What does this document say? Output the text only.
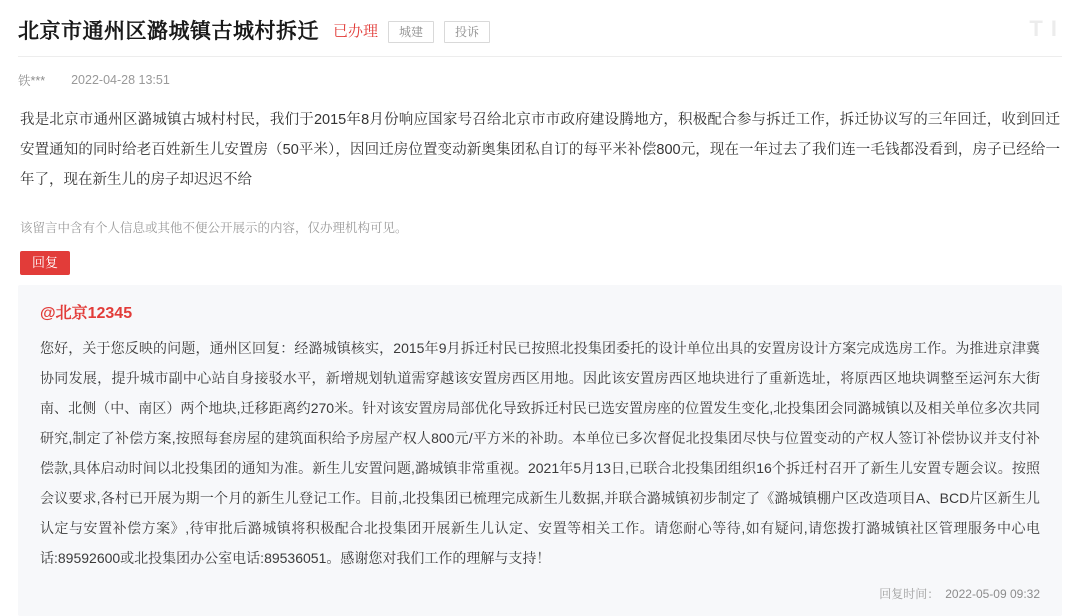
T I
北京市通州区潞城镇古城村拆迁 已办理	城建	投诉
铁*** 2022-04-28 13:51
我是北京市通州区潞城镇古城村村民，我们于2015年8月份响应国家号召给北京市市政府建设腾地方，积极配合参与拆迁工作，拆迁协议写的三年回迁，收到回迁安置通知的同时给老百姓新生儿安置房（50平米），因回迁房位置变动新奥集团私自订的每平米补偿800元，现在一年过去了我们连一毛钱都没看到，房子已经给一年了，现在新生儿的房子却迟迟不给
该留言中含有个人信息或其他不便公开展示的内容，仅办理机构可见。
回复
@北京12345
您好，关于您反映的问题，通州区回复：经潞城镇核实，2015年9月拆迁村民已按照北投集团委托的设计单位出具的安置房设计方案完成选房工作。为推进京津冀协同发展，提升城市副中心站自身接驳水平，新增规划轨道需穿越该安置房西区用地。因此该安置房西区地块进行了重新选址，将原西区地块调整至运河东大街南、北侧（中、南区）两个地块,迁移距离约270米。针对该安置房局部优化导致拆迁村民已选安置房座的位置发生变化,北投集团会同潞城镇以及相关单位多次共同研究,制定了补偿方案,按照每套房屋的建筑面积给予房屋产权人800元/平方米的补助。本单位已多次督促北投集团尽快与位置变动的产权人签订补偿协议并支付补偿款,具体启动时间以北投集团的通知为准。新生儿安置问题,潞城镇非常重视。2021年5月13日,已联合北投集团组织16个拆迁村召开了新生儿安置专题会议。按照会议要求,各村已开展为期一个月的新生儿登记工作。目前,北投集团已梳理完成新生儿数据,并联合潞城镇初步制定了《潞城镇棚户区改造项目A、BCD片区新生儿认定与安置补偿方案》,待审批后潞城镇将积极配合北投集团开展新生儿认定、安置等相关工作。请您耐心等待,如有疑问,请您拨打潞城镇社区管理服务中心电话:89592600或北投集团办公室电话:89536051。感谢您对我们工作的理解与支持！
回复时间： 2022-05-09 09:32
